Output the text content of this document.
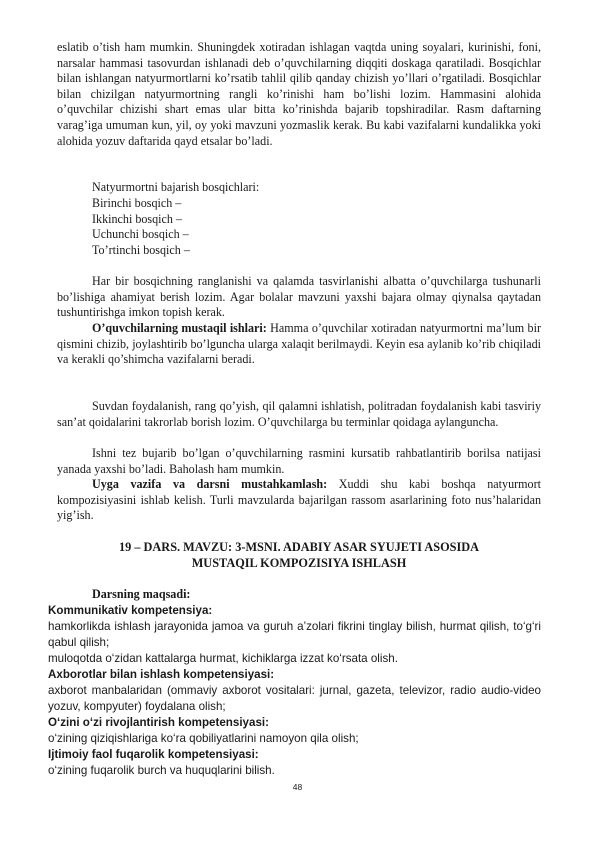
eslatib o’tish ham mumkin. Shuningdek xotiradan ishlagan vaqtda uning soyalari, kurinishi, foni, narsalar hammasi tasovurdan ishlanadi deb o’quvchilarning diqqiti doskaga qaratiladi. Bosqichlar bilan ishlangan natyurmortlarni ko’rsatib tahlil qilib qanday chizish yo’llari o’rgatiladi. Bosqichlar bilan chizilgan natyurmortning rangli ko’rinishi ham bo’lishi lozim. Hammasini alohida o’quvchilar chizishi shart emas ular bitta ko’rinishda bajarib topshiradilar. Rasm daftarning varag’iga umuman kun, yil, oy yoki mavzuni yozmaslik kerak. Bu kabi vazifalarni kundalikka yoki alohida yozuv daftarida qayd etsalar bo’ladi.

Natyurmortni bajarish bosqichlari:

Birinchi bosqich –

Ikkinchi bosqich –

Uchunchi bosqich –

To’rtinchi bosqich –

Har bir bosqichning ranglanishi va qalamda tasvirlanishi albatta o’quvchilarga tushunarli bo’lishiga ahamiyat berish lozim. Agar bolalar mavzuni yaxshi bajara olmay qiynalsa qaytadan tushuntirishga imkon topish kerak.

O’quvchilarning mustaqil ishlari: Hamma o’quvchilar xotiradan natyurmortni ma’lum bir qismini chizib, joylashtirib bo’lguncha ularga xalaqit berilmaydi. Keyin esa aylanib ko’rib chiqiladi va kerakli qo’shimcha vazifalarni beradi.

Suvdan foydalanish, rang qo’yish, qil qalamni ishlatish, politradan foydalanish kabi tasviriy san’at qoidalarini takrorlab borish lozim. O’quvchilarga bu terminlar qoidaga aylanguncha.

Ishni tez bujarib bo’lgan o’quvchilarning rasmini kursatib rahbatlantirib borilsa natijasi yanada yaxshi bo’ladi. Baholash ham mumkin.

Uyga vazifa va darsni mustahkamlash: Xuddi shu kabi boshqa natyurmort kompozisiyasini ishlab kelish. Turli mavzularda bajarilgan rassom asarlarining foto nus’halaridan yig’ish.

19 – DARS. MAVZU: 3-MSNI. ADABIY ASAR SYUJETI ASOSIDA

MUSTAQIL KOMPOZISIYA ISHLASH

Darsning maqsadi:

Kommunikativ kompetensiya:

hamkorlikda ishlash jarayonida jamoa va guruh a’zolari fikrini tinglay bilish, hurmat qilish, to‘g‘ri qabul qilish;

muloqotda o‘zidan kattalarga hurmat, kichiklarga izzat ko‘rsata olish.

Axborotlar bilan ishlash kompetensiyasi:

axborot manbalaridan (ommaviy axborot vositalari: jurnal, gazeta, televizor, radio audio-video yozuv, kompyuter) foydalana olish;

O‘zini o‘zi rivojlantirish kompetensiyasi:

o‘zining qiziqishlariga ko‘ra qobiliyatlarini namoyon qila olish;

Ijtimoiy faol fuqarolik kompetensiyasi:

o‘zining fuqarolik burch va huquqlarini bilish.

48
